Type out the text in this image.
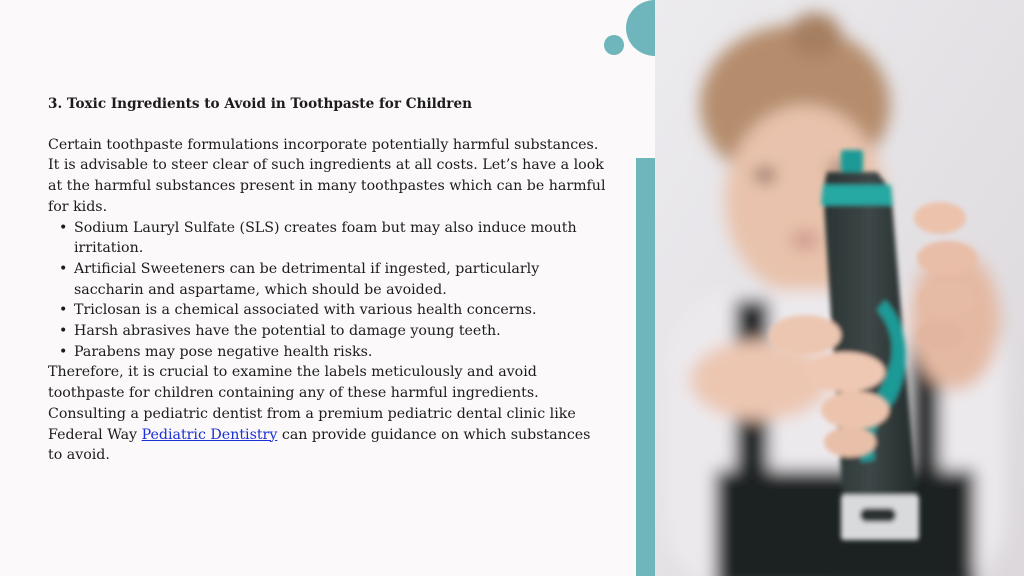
3. Toxic Ingredients to Avoid in Toothpaste for Children

Certain toothpaste formulations incorporate potentially harmful substances. It is advisable to steer clear of such ingredients at all costs. Let’s have a look at the harmful substances present in many toothpastes which can be harmful for kids.

• Sodium Lauryl Sulfate (SLS) creates foam but may also induce mouth irritation.
• Artificial Sweeteners can be detrimental if ingested, particularly saccharin and aspartame, which should be avoided.
• Triclosan is a chemical associated with various health concerns.
• Harsh abrasives have the potential to damage young teeth.
• Parabens may pose negative health risks.

Therefore, it is crucial to examine the labels meticulously and avoid toothpaste for children containing any of these harmful ingredients. Consulting a pediatric dentist from a premium pediatric dental clinic like Federal Way Pediatric Dentistry can provide guidance on which substances to avoid.
